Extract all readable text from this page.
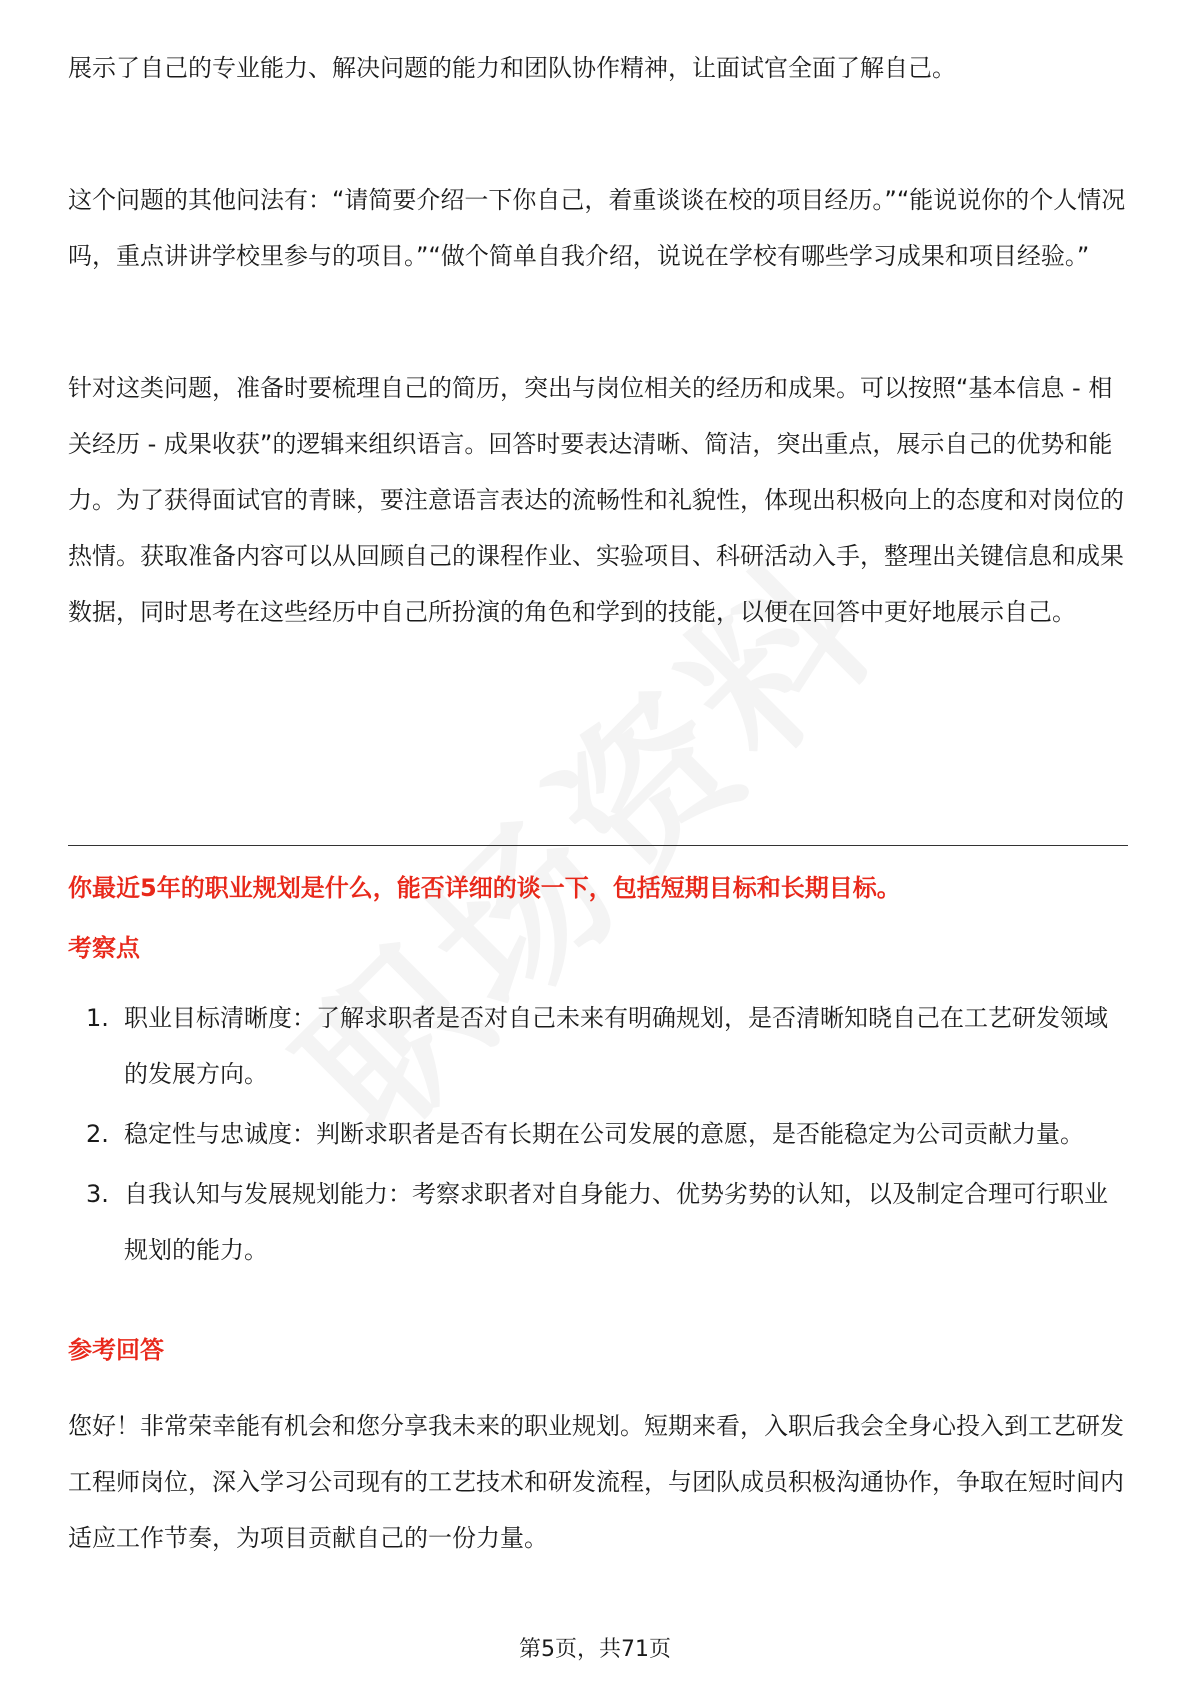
展示了自己的专业能力、解决问题的能力和团队协作精神，让面试官全面了解自己。

这个问题的其他问法有：“请简要介绍一下你自己，着重谈谈在校的项目经历。”“能说说你的个人情况吗，重点讲讲学校里参与的项目。”“做个简单自我介绍，说说在学校有哪些学习成果和项目经验。”

针对这类问题，准备时要梳理自己的简历，突出与岗位相关的经历和成果。可以按照“基本信息 - 相关经历 - 成果收获”的逻辑来组织语言。回答时要表达清晰、简洁，突出重点，展示自己的优势和能力。为了获得面试官的青睐，要注意语言表达的流畅性和礼貌性，体现出积极向上的态度和对岗位的热情。获取准备内容可以从回顾自己的课程作业、实验项目、科研活动入手，整理出关键信息和成果数据，同时思考在这些经历中自己所扮演的角色和学到的技能，以便在回答中更好地展示自己。

你最近5年的职业规划是什么，能否详细的谈一下，包括短期目标和长期目标。

考察点

1. 职业目标清晰度：了解求职者是否对自己未来有明确规划，是否清晰知晓自己在工艺研发领域的发展方向。
2. 稳定性与忠诚度：判断求职者是否有长期在公司发展的意愿，是否能稳定为公司贡献力量。
3. 自我认知与发展规划能力：考察求职者对自身能力、优势劣势的认知，以及制定合理可行职业规划的能力。

参考回答

您好！非常荣幸能有机会和您分享我未来的职业规划。短期来看，入职后我会全身心投入到工艺研发工程师岗位，深入学习公司现有的工艺技术和研发流程，与团队成员积极沟通协作，争取在短时间内适应工作节奏，为项目贡献自己的一份力量。

第5页，共71页
